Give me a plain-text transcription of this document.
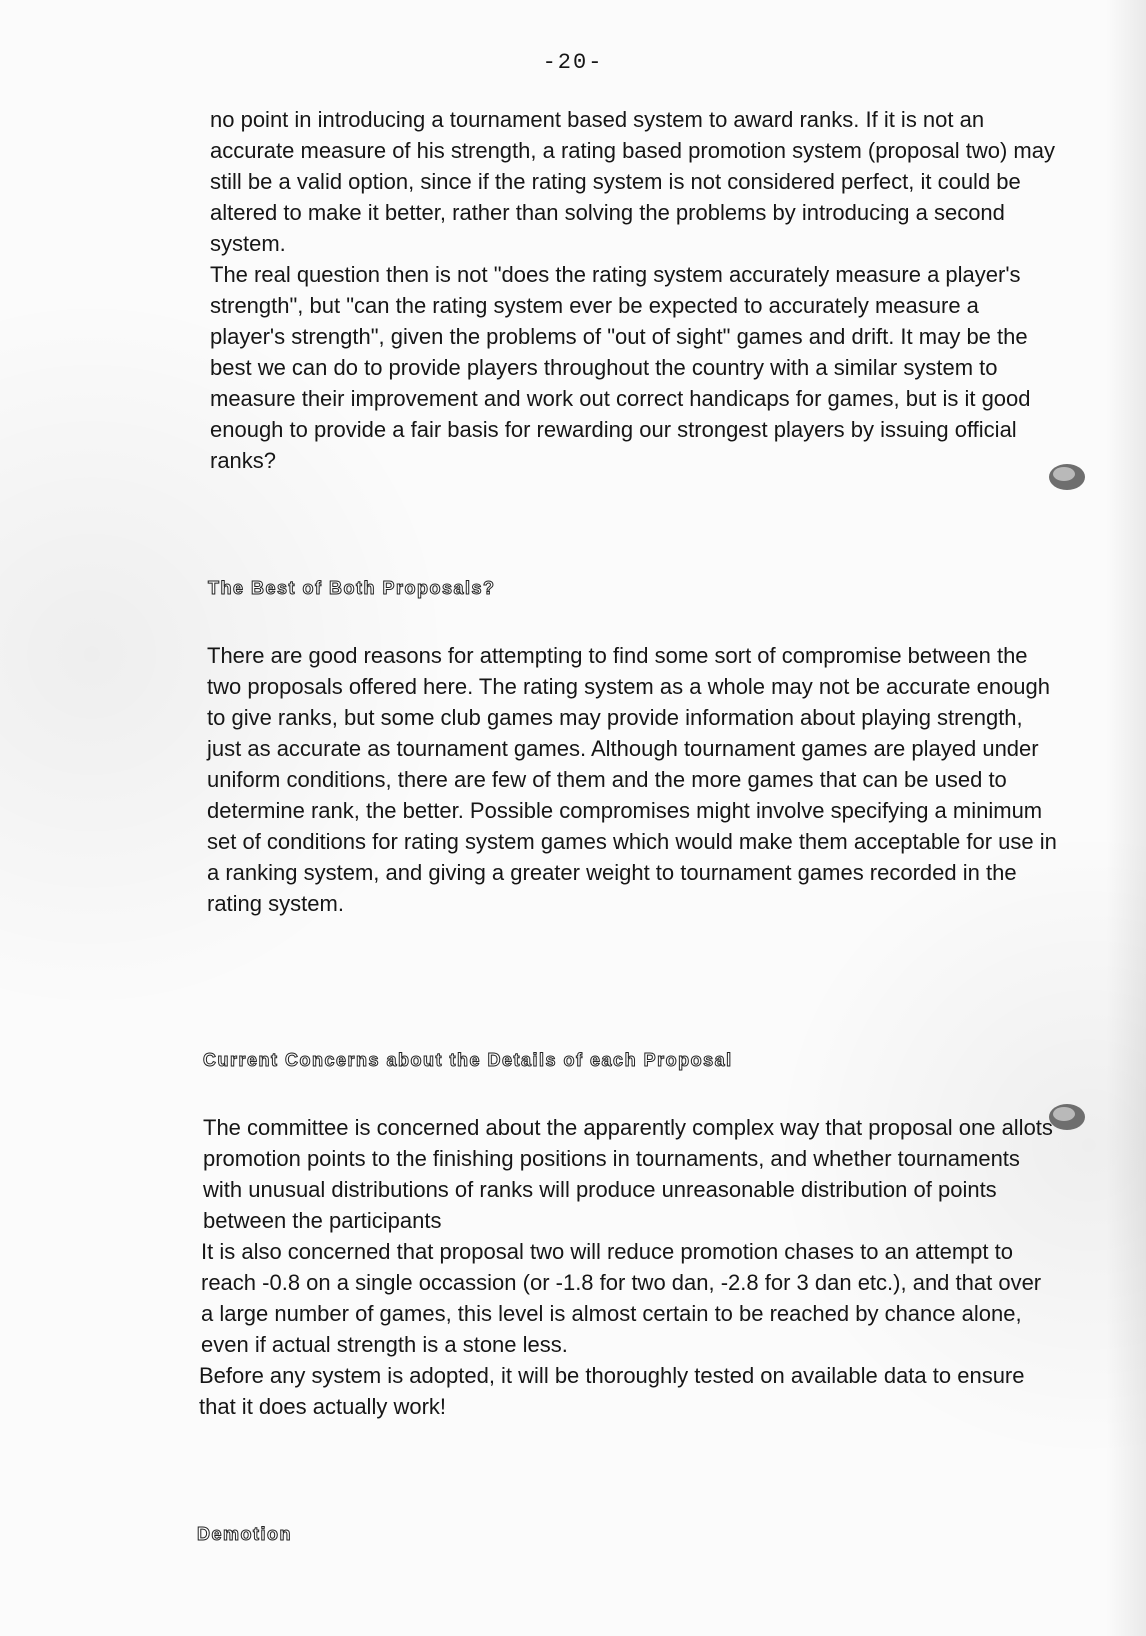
-20-

no point in introducing a tournament based system to award ranks. If it is not an accurate measure of his strength, a rating based promotion system (proposal two) may still be a valid option, since if the rating system is not considered perfect, it could be altered to make it better, rather than solving the problems by introducing a second system.

The real question then is not "does the rating system accurately measure a player's strength", but "can the rating system ever be expected to accurately measure a player's strength", given the problems of "out of sight" games and drift. It may be the best we can do to provide players throughout the country with a similar system to measure their improvement and work out correct handicaps for games, but is it good enough to provide a fair basis for rewarding our strongest players by issuing official ranks?

The Best of Both Proposals?

There are good reasons for attempting to find some sort of compromise between the two proposals offered here. The rating system as a whole may not be accurate enough to give ranks, but some club games may provide information about playing strength, just as accurate as tournament games. Although tournament games are played under uniform conditions, there are few of them and the more games that can be used to determine rank, the better. Possible compromises might involve specifying a minimum set of conditions for rating system games which would make them acceptable for use in a ranking system, and giving a greater weight to tournament games recorded in the rating system.

Current Concerns about the Details of each Proposal

The committee is concerned about the apparently complex way that proposal one allots promotion points to the finishing positions in tournaments, and whether tournaments with unusual distributions of ranks will produce unreasonable distribution of points between the participants

It is also concerned that proposal two will reduce promotion chases to an attempt to reach -0.8 on a single occassion (or -1.8 for two dan, -2.8 for 3 dan etc.), and that over a large number of games, this level is almost certain to be reached by chance alone, even if actual strength is a stone less.

Before any system is adopted, it will be thoroughly tested on available data to ensure that it does actually work!

Demotion
